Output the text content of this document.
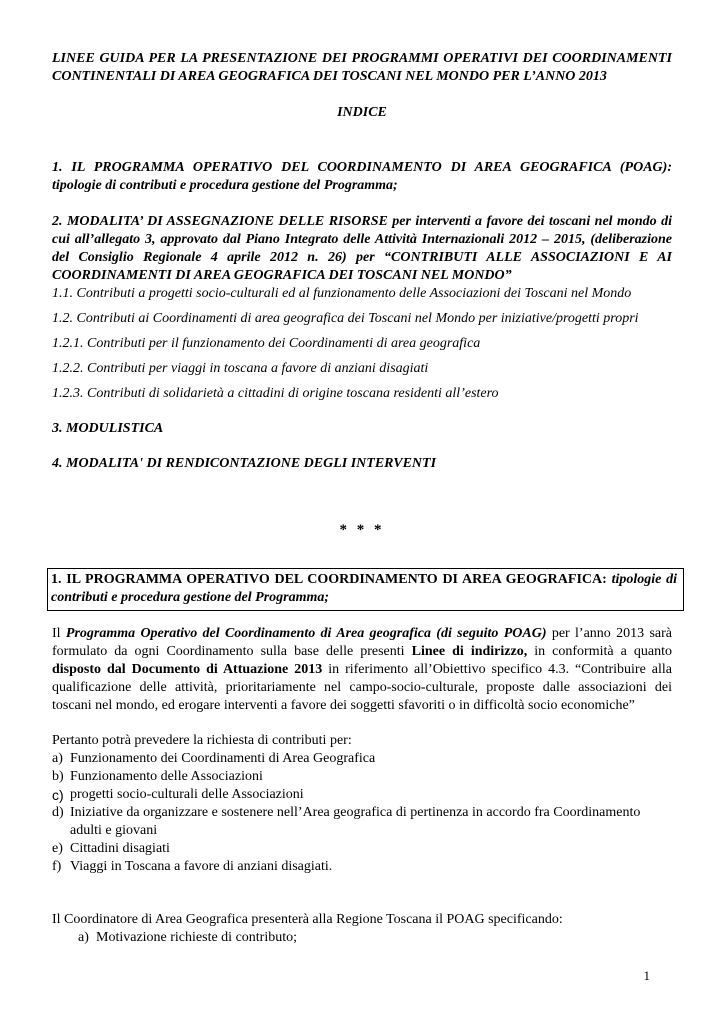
LINEE GUIDA PER LA PRESENTAZIONE DEI PROGRAMMI OPERATIVI DEI COORDINAMENTI CONTINENTALI DI AREA GEOGRAFICA DEI TOSCANI NEL MONDO PER L’ANNO 2013
INDICE
1. IL PROGRAMMA OPERATIVO DEL COORDINAMENTO DI AREA GEOGRAFICA (POAG): tipologie di contributi e procedura gestione del Programma;
2. MODALITA’ DI ASSEGNAZIONE DELLE RISORSE per interventi a favore dei toscani nel mondo di cui all’allegato 3, approvato dal Piano Integrato delle Attività Internazionali 2012 – 2015, (deliberazione del Consiglio Regionale 4 aprile 2012 n. 26) per “CONTRIBUTI ALLE ASSOCIAZIONI E AI COORDINAMENTI DI AREA GEOGRAFICA DEI TOSCANI NEL MONDO”
1.1. Contributi a progetti socio-culturali ed al funzionamento delle Associazioni dei Toscani nel Mondo
1.2. Contributi ai Coordinamenti di area geografica dei Toscani nel Mondo per iniziative/progetti propri
1.2.1. Contributi per il funzionamento dei Coordinamenti di area geografica
1.2.2. Contributi per viaggi in toscana a favore di anziani disagiati
1.2.3. Contributi di solidarietà a cittadini di origine toscana residenti all’estero
3. MODULISTICA
4. MODALITA' DI RENDICONTAZIONE DEGLI INTERVENTI
* * *
1. IL PROGRAMMA OPERATIVO DEL COORDINAMENTO DI AREA GEOGRAFICA: tipologie di contributi e procedura gestione del Programma;
Il Programma Operativo del Coordinamento di Area geografica (di seguito POAG) per l’anno 2013 sarà formulato da ogni Coordinamento sulla base delle presenti Linee di indirizzo, in conformità a quanto disposto dal Documento di Attuazione 2013 in riferimento all’Obiettivo specifico 4.3. “Contribuire alla qualificazione delle attività, prioritariamente nel campo-socio-culturale, proposte dalle associazioni dei toscani nel mondo, ed erogare interventi a favore dei soggetti sfavoriti o in difficoltà socio economiche”
Pertanto potrà prevedere la richiesta di contributi per:
a) Funzionamento dei Coordinamenti di Area Geografica
b) Funzionamento delle Associazioni
c) progetti socio-culturali delle Associazioni
d) Iniziative da organizzare e sostenere nell’Area geografica di pertinenza in accordo fra Coordinamento adulti e giovani
e) Cittadini disagiati
f) Viaggi in Toscana a favore di anziani disagiati.
Il Coordinatore di Area Geografica presenterà alla Regione Toscana il POAG specificando:
a) Motivazione richieste di contributo;
1
